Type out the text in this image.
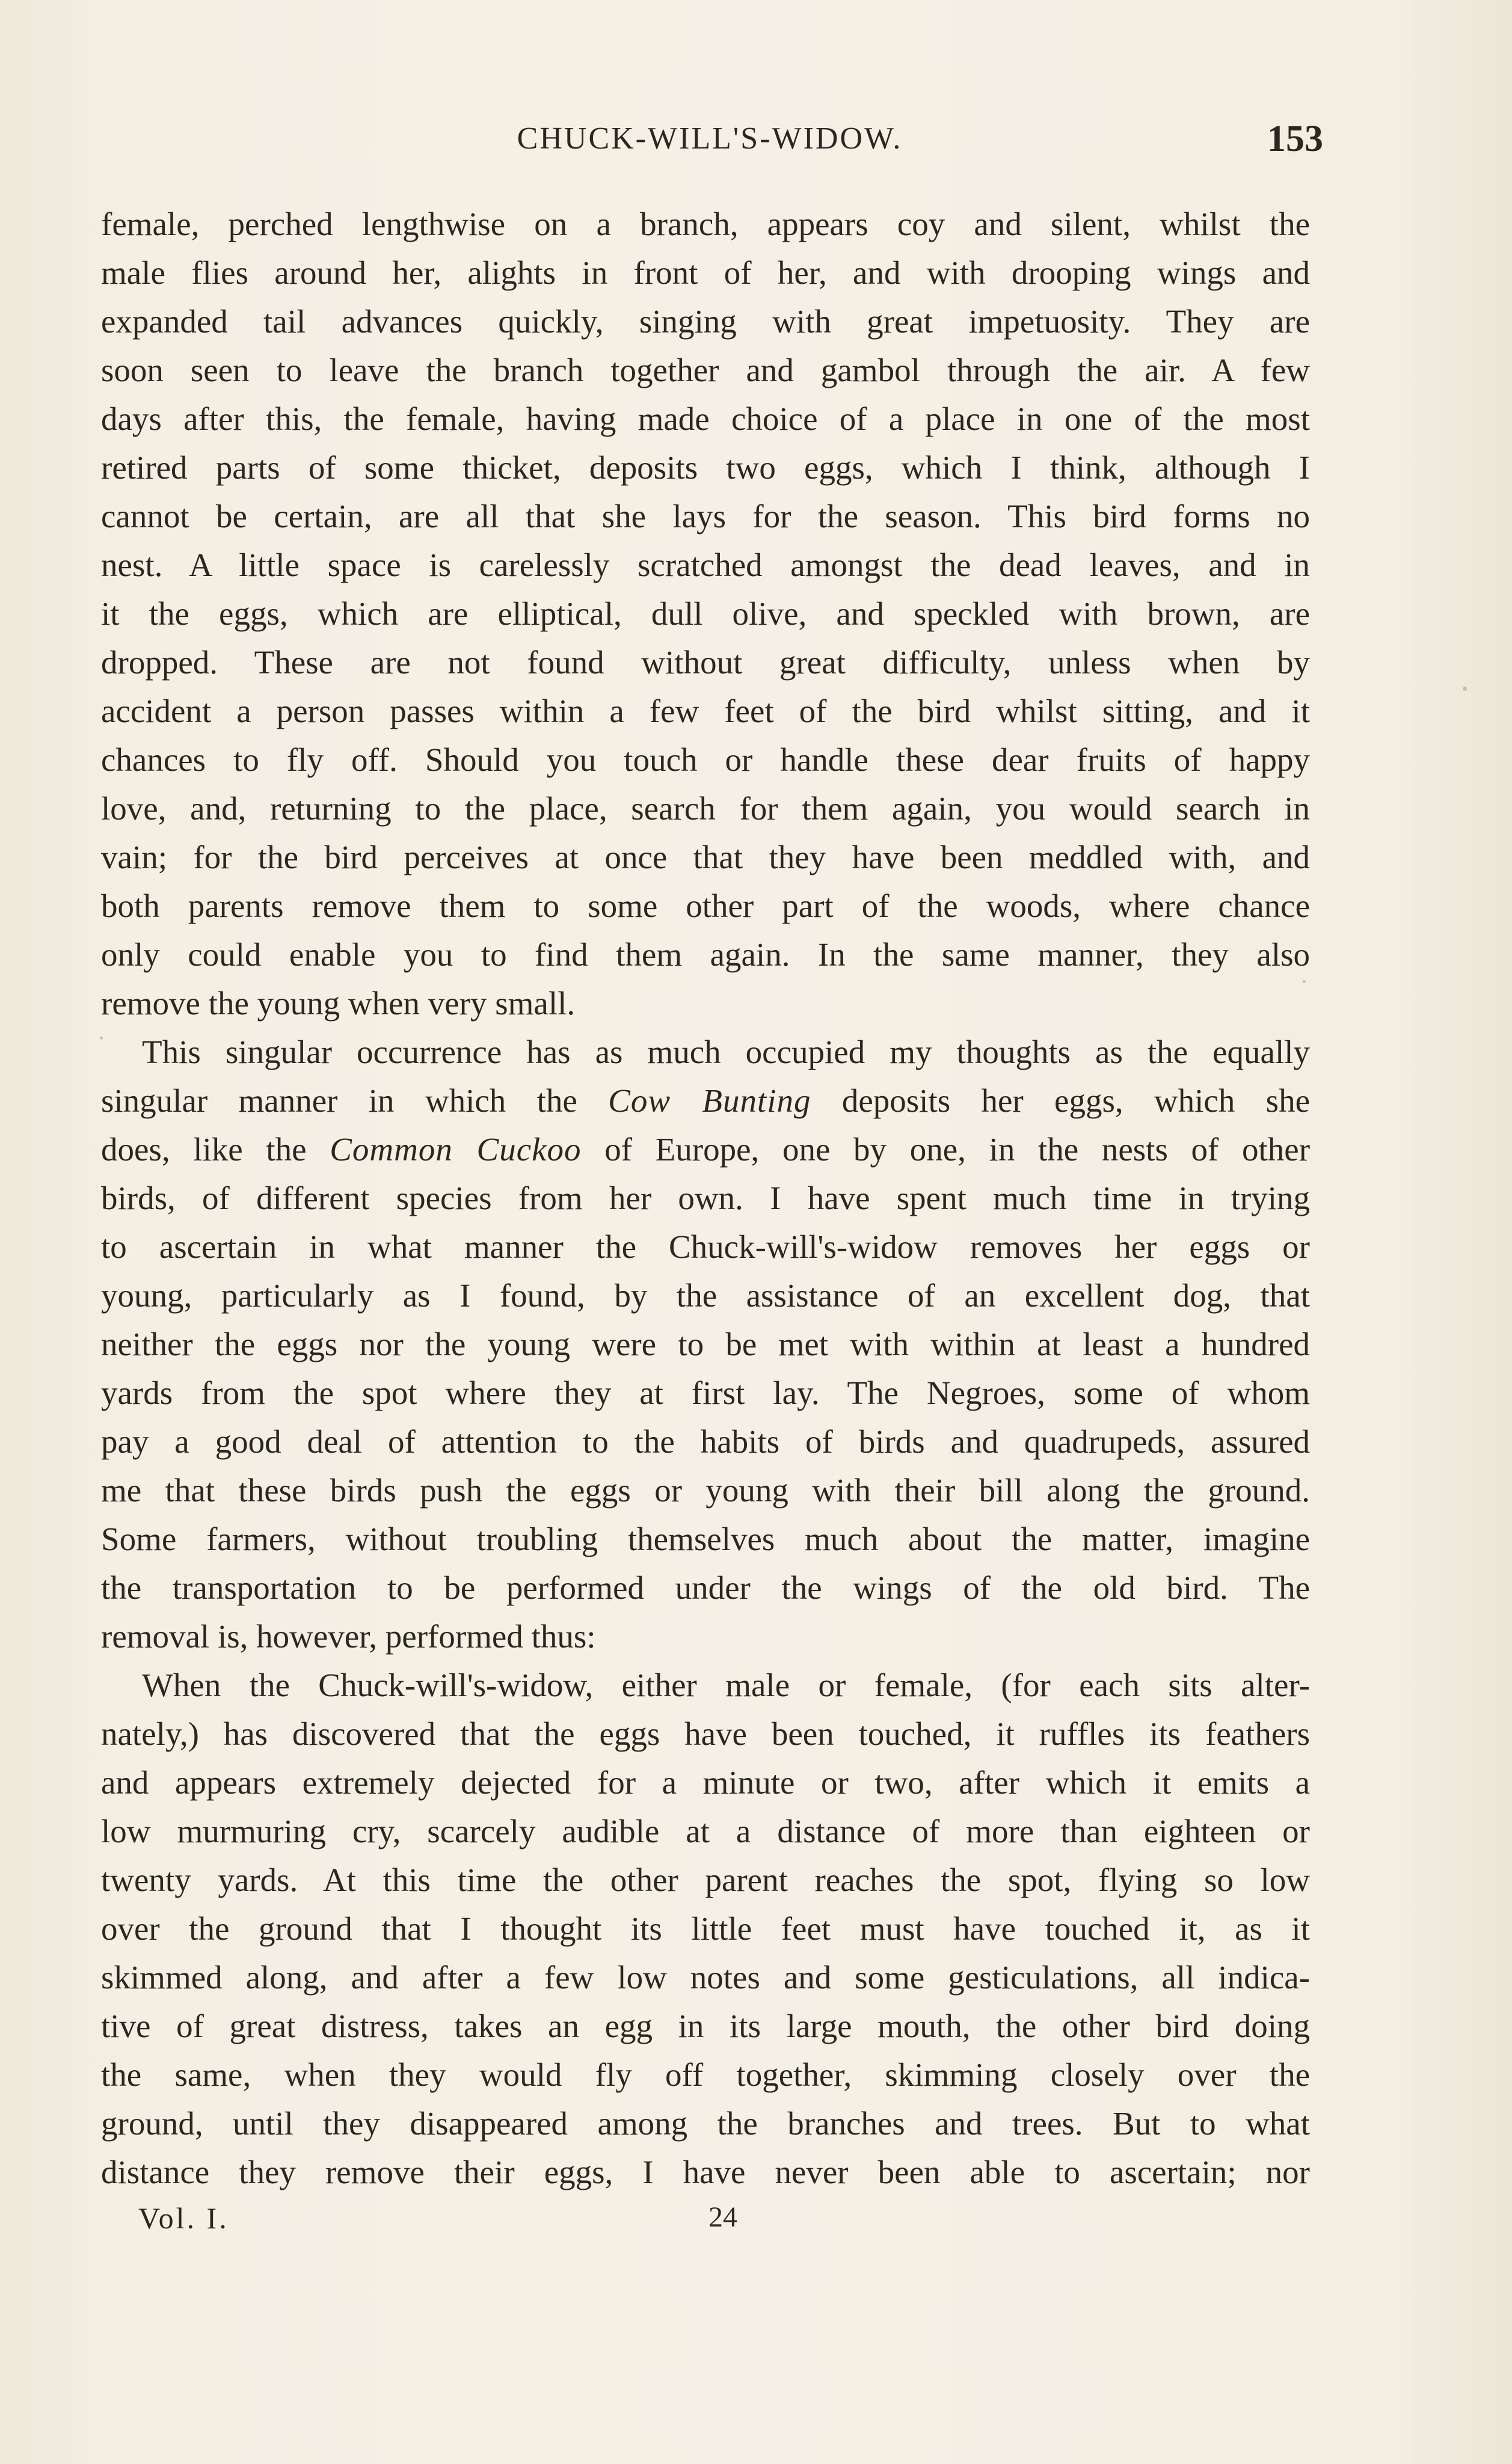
CHUCK-WILL'S-WIDOW.	153
female, perched lengthwise on a branch, appears coy and silent, whilst the
male flies around her, alights in front of her, and with drooping wings and
expanded tail advances quickly, singing with great impetuosity. They are
soon seen to leave the branch together and gambol through the air. A few
days after this, the female, having made choice of a place in one of the most
retired parts of some thicket, deposits two eggs, which I think, although I
cannot be certain, are all that she lays for the season. This bird forms no
nest. A little space is carelessly scratched amongst the dead leaves, and in
it the eggs, which are elliptical, dull olive, and speckled with brown, are
dropped. These are not found without great difficulty, unless when by
accident a person passes within a few feet of the bird whilst sitting, and it
chances to fly off. Should you touch or handle these dear fruits of happy
love, and, returning to the place, search for them again, you would search in
vain; for the bird perceives at once that they have been meddled with, and
both parents remove them to some other part of the woods, where chance
only could enable you to find them again. In the same manner, they also
remove the young when very small.
This singular occurrence has as much occupied my thoughts as the equally
singular manner in which the Cow Bunting deposits her eggs, which she
does, like the Common Cuckoo of Europe, one by one, in the nests of other
birds, of different species from her own. I have spent much time in trying
to ascertain in what manner the Chuck-will's-widow removes her eggs or
young, particularly as I found, by the assistance of an excellent dog, that
neither the eggs nor the young were to be met with within at least a hundred
yards from the spot where they at first lay. The Negroes, some of whom
pay a good deal of attention to the habits of birds and quadrupeds, assured
me that these birds push the eggs or young with their bill along the ground.
Some farmers, without troubling themselves much about the matter, imagine
the transportation to be performed under the wings of the old bird. The
removal is, however, performed thus:
When the Chuck-will's-widow, either male or female, (for each sits alter-
nately,) has discovered that the eggs have been touched, it ruffles its feathers
and appears extremely dejected for a minute or two, after which it emits a
low murmuring cry, scarcely audible at a distance of more than eighteen or
twenty yards. At this time the other parent reaches the spot, flying so low
over the ground that I thought its little feet must have touched it, as it
skimmed along, and after a few low notes and some gesticulations, all indica-
tive of great distress, takes an egg in its large mouth, the other bird doing
the same, when they would fly off together, skimming closely over the
ground, until they disappeared among the branches and trees. But to what
distance they remove their eggs, I have never been able to ascertain; nor
Vol. I.	24
